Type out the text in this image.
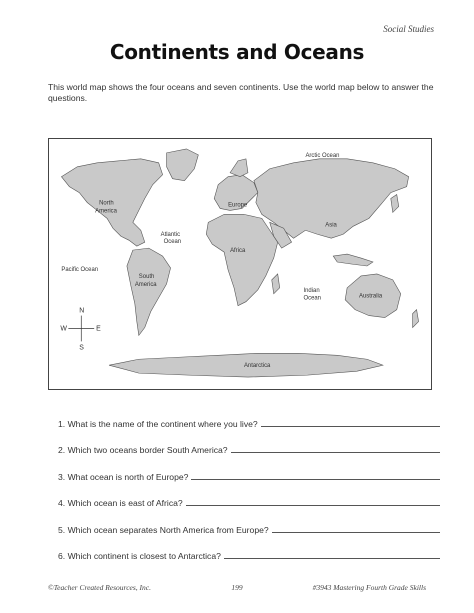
Social Studies
Continents and Oceans
This world map shows the four oceans and seven continents. Use the world map below to answer the questions.
Arctic Ocean
North
America
Europe
Asia
Atlantic
Ocean
Africa
Pacific Ocean
South
America
Indian
Ocean	Australia
Antarctica
N
S
E
W
1.
What is the name of the continent where you live?
2.
Which two oceans border South America?
3.
What ocean is north of Europe?
4.
Which ocean is east of Africa?
5.
Which ocean separates North America from Europe?
6.
Which continent is closest to Antarctica?
©Teacher Created Resources, Inc.	199	#3943 Mastering Fourth Grade Skills
